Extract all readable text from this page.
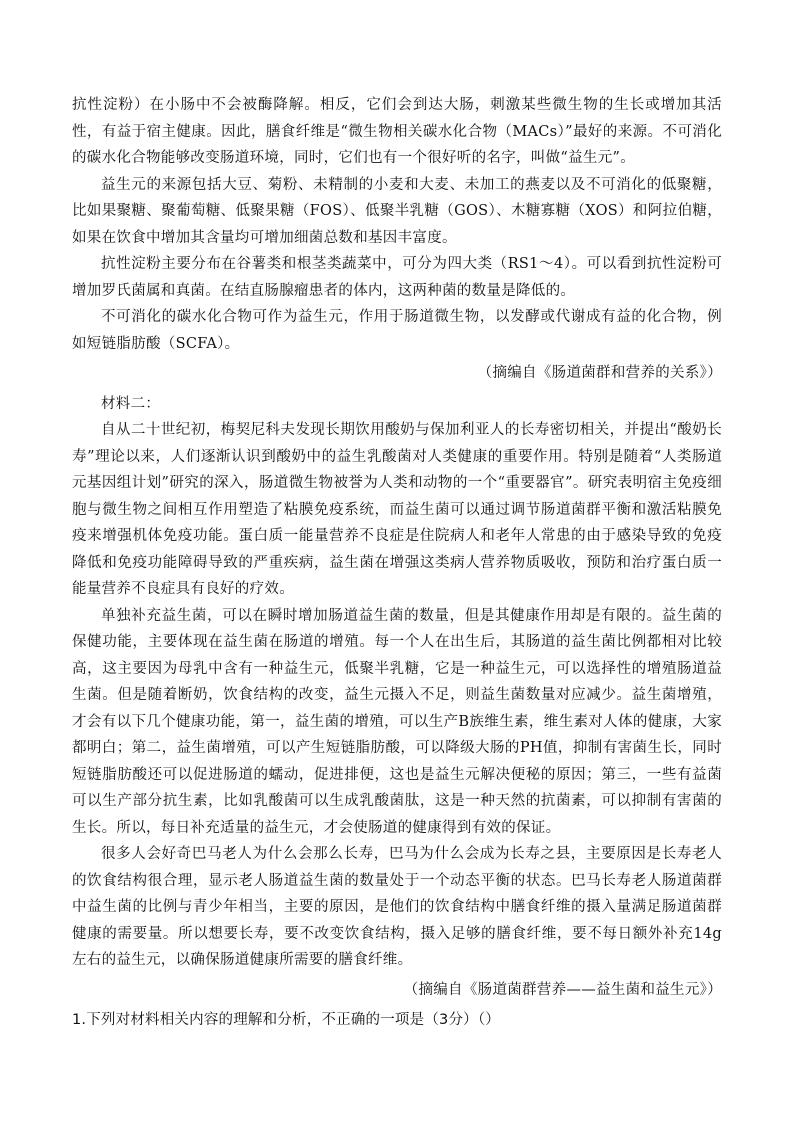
抗性淀粉）在小肠中不会被酶降解。相反，它们会到达大肠，刺激某些微生物的生长或增加其活性，有益于宿主健康。因此，膳食纤维是“微生物相关碳水化合物（MACs）”最好的来源。不可消化的碳水化合物能够改变肠道环境，同时，它们也有一个很好听的名字，叫做“益生元”。

益生元的来源包括大豆、菊粉、未精制的小麦和大麦、未加工的燕麦以及不可消化的低聚糖，比如果聚糖、聚葡萄糖、低聚果糖（FOS）、低聚半乳糖（GOS）、木糖寡糖（XOS）和阿拉伯糖，如果在饮食中增加其含量均可增加细菌总数和基因丰富度。

抗性淀粉主要分布在谷薯类和根茎类蔬菜中，可分为四大类（RS1～4）。可以看到抗性淀粉可增加罗氏菌属和真菌。在结直肠腺瘤患者的体内，这两种菌的数量是降低的。

不可消化的碳水化合物可作为益生元，作用于肠道微生物，以发酵或代谢成有益的化合物，例如短链脂肪酸（SCFA）。

（摘编自《肠道菌群和营养的关系》）

材料二：

自从二十世纪初，梅契尼科夫发现长期饮用酸奶与保加利亚人的长寿密切相关，并提出“酸奶长寿”理论以来，人们逐渐认识到酸奶中的益生乳酸菌对人类健康的重要作用。特别是随着“人类肠道元基因组计划”研究的深入，肠道微生物被誉为人类和动物的一个“重要器官”。研究表明宿主免疫细胞与微生物之间相互作用塑造了粘膜免疫系统，而益生菌可以通过调节肠道菌群平衡和激活粘膜免疫来增强机体免疫功能。蛋白质一能量营养不良症是住院病人和老年人常患的由于感染导致的免疫降低和免疫功能障碍导致的严重疾病，益生菌在增强这类病人营养物质吸收，预防和治疗蛋白质一能量营养不良症具有良好的疗效。

单独补充益生菌，可以在瞬时增加肠道益生菌的数量，但是其健康作用却是有限的。益生菌的保健功能，主要体现在益生菌在肠道的增殖。每一个人在出生后，其肠道的益生菌比例都相对比较高，这主要因为母乳中含有一种益生元，低聚半乳糖，它是一种益生元，可以选择性的增殖肠道益生菌。但是随着断奶，饮食结构的改变，益生元摄入不足，则益生菌数量对应减少。益生菌增殖，才会有以下几个健康功能，第一，益生菌的增殖，可以生产B族维生素，维生素对人体的健康，大家都明白；第二，益生菌增殖，可以产生短链脂肪酸，可以降级大肠的PH值，抑制有害菌生长，同时短链脂肪酸还可以促进肠道的蠕动，促进排便，这也是益生元解决便秘的原因；第三，一些有益菌可以生产部分抗生素，比如乳酸菌可以生成乳酸菌肽，这是一种天然的抗菌素，可以抑制有害菌的生长。所以，每日补充适量的益生元，才会使肠道的健康得到有效的保证。

很多人会好奇巴马老人为什么会那么长寿，巴马为什么会成为长寿之县，主要原因是长寿老人的饮食结构很合理，显示老人肠道益生菌的数量处于一个动态平衡的状态。巴马长寿老人肠道菌群中益生菌的比例与青少年相当，主要的原因，是他们的饮食结构中膳食纤维的摄入量满足肠道菌群健康的需要量。所以想要长寿，要不改变饮食结构，摄入足够的膳食纤维，要不每日额外补充14g左右的益生元，以确保肠道健康所需要的膳食纤维。

（摘编自《肠道菌群营养——益生菌和益生元》）

1.下列对材料相关内容的理解和分析，不正确的一项是（3分）（）
